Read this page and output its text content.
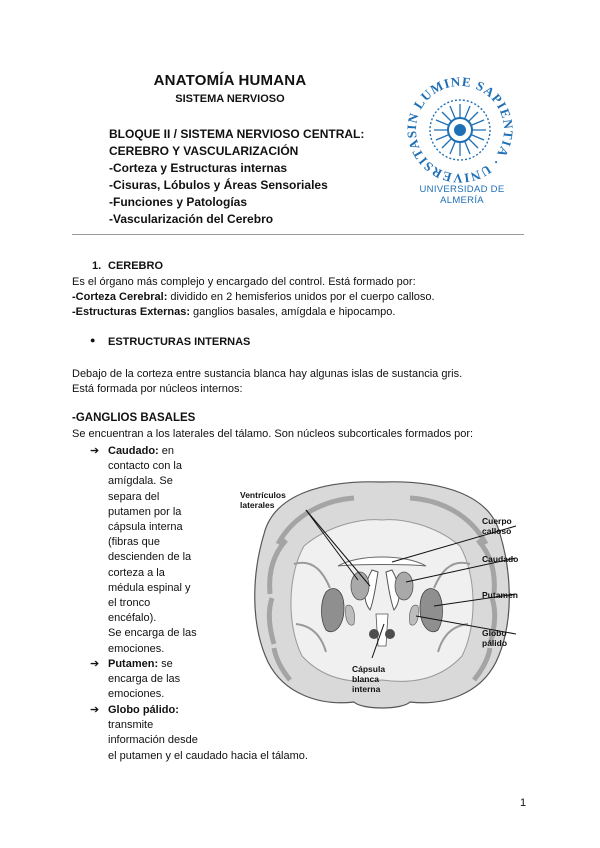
ANATOMÍA HUMANA
SISTEMA NERVIOSO
BLOQUE II / SISTEMA NERVIOSO CENTRAL:
CEREBRO Y VASCULARIZACIÓN
-Corteza y Estructuras internas
-Cisuras, Lóbulos y Áreas Sensoriales
-Funciones y Patologías
-Vascularización del Cerebro
IN LUMINE SAPIENTIA · UNIVERSITAS
UNIVERSIDAD DE ALMERÍA
1. CEREBRO
Es el órgano más complejo y encargado del control. Está formado por:
-Corteza Cerebral: dividido en 2 hemisferios unidos por el cuerpo calloso.
-Estructuras Externas: ganglios basales, amígdala e hipocampo.
● ESTRUCTURAS INTERNAS
Debajo de la corteza entre sustancia blanca hay algunas islas de sustancia gris.
Está formada por núcleos internos:
-GANGLIOS BASALES
Se encuentran a los laterales del tálamo. Son núcleos subcorticales formados por:
➔ Caudado: en
contacto con la
amígdala. Se
separa del
putamen por la
cápsula interna
(fibras que
descienden de la
corteza a la
médula espinal y
el tronco
encéfalo).
Se encarga de las
emociones.
➔ Putamen: se
encarga de las
emociones.
➔ Globo pálido:
transmite
información desde
el putamen y el caudado hacia el tálamo.
Ventrículos
laterales
Cuerpo
calloso
Caudado
Putamen
Globo
pálido
Cápsula
blanca
interna
1
